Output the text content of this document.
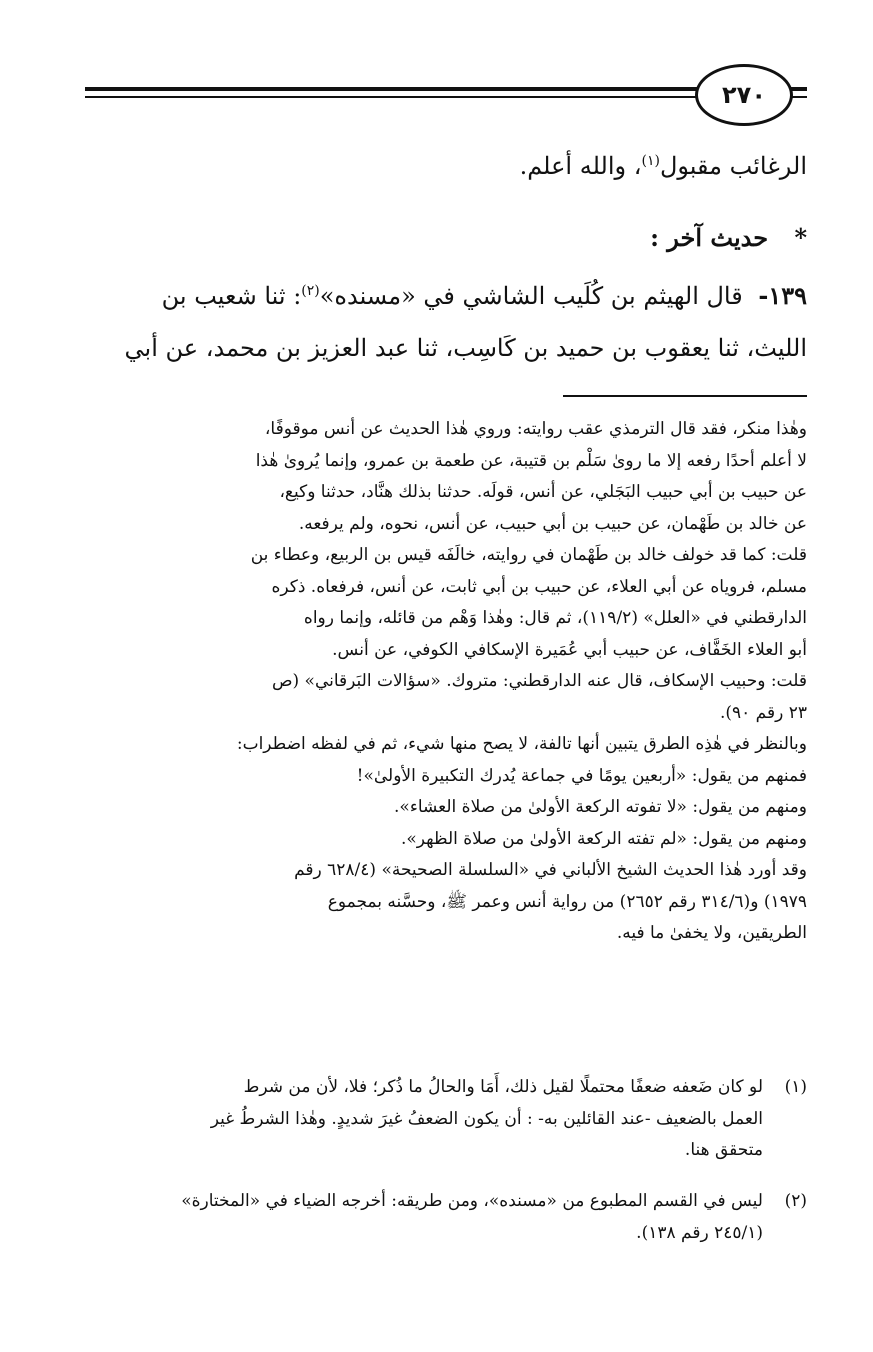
٢٧٠
الرغائب مقبول$^{(١)}$، والله أعلم.
* حديث آخر :
١٣٩- قال الهيثم بن كُلَيب الشاشي في «مسنده»$^{(٢)}$: ثنا شعيب بن
الليث، ثنا يعقوب بن حميد بن كَاسِب، ثنا عبد العزيز بن محمد، عن أبي

وهٰذا منكر، فقد قال الترمذي عقب روايته: وروي هٰذا الحديث عن أنس موقوفًا،

لا أعلم أحدًا رفعه إلا ما رویٰ سَلْم بن قتيبة، عن طعمة بن عمرو، وإنما يُرویٰ هٰذا

عن حبيب بن أبي حبيب البَجَلي، عن أنس، قولَه. حدثنا بذلك هنَّاد، حدثنا وكيع،

عن خالد بن طَهْمان، عن حبيب بن أبي حبيب، عن أنس، نحوه، ولم يرفعه.

قلت: كما قد خولف خالد بن طَهْمان في روايته، خالَفَه قيس بن الربيع، وعطاء بن

مسلم، فروياه عن أبي العلاء، عن حبيب بن أبي ثابت، عن أنس، فرفعاه. ذكره

الدارقطني في «العلل» (١١٩/٢)، ثم قال: وهٰذا وَهْم من قائله، وإنما رواه

أبو العلاء الخَفَّاف، عن حبيب أبي عُمَيرة الإسكافي الكوفي، عن أنس.

قلت: وحبيب الإسكاف، قال عنه الدارقطني: متروك. «سؤالات البَرقاني» (ص

٢٣ رقم ٩٠).

وبالنظر في هٰذِه الطرق يتبين أنها تالفة، لا يصح منها شيء، ثم في لفظه اضطراب:

فمنهم من يقول: «أربعين يومًا في جماعة يُدرك التكبيرة الأولیٰ»!

ومنهم من يقول: «لا تفوته الركعة الأولیٰ من صلاة العشاء».

ومنهم من يقول: «لم تفته الركعة الأولیٰ من صلاة الظهر».

وقد أورد هٰذا الحديث الشيخ الألباني في «السلسلة الصحيحة» (٦٢٨/٤ رقم

١٩٧٩) و(٣١٤/٦ رقم ٢٦٥٢) من رواية أنس وعمر ﷺ، وحسَّنه بمجموع

الطريقين، ولا يخفیٰ ما فيه.

(١)

لو كان ضَعفه ضعفًا محتملًا لقيل ذلك، أَمَا والحالُ ما ذُكر؛ فلا، لأن من شرط

العمل بالضعيف -عند القائلين به- : أن يكون الضعفُ غيرَ شديدٍ. وهٰذا الشرطُ غير

متحقق هنا.

(٢)

ليس في القسم المطبوع من «مسنده»، ومن طريقه: أخرجه الضياء في «المختارة»

(٢٤٥/١ رقم ١٣٨).
